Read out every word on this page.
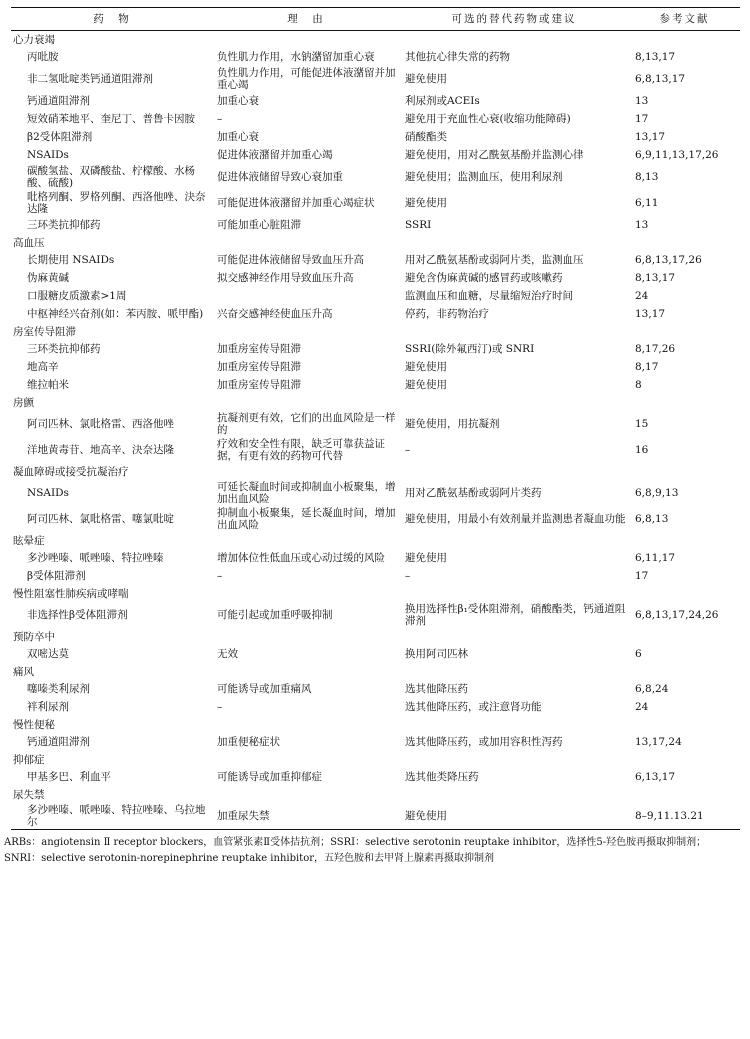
药　物	理　由	可选的替代药物或建议	参考文献
心力衰竭			
丙吡胺	负性肌力作用，水钠潴留加重心衰	其他抗心律失常的药物	8,13,17
非二氢吡啶类钙通道阻滞剂	负性肌力作用，可能促进体液潴留并加重心竭	避免使用	6,8,13,17
钙通道阻滞剂	加重心衰	利尿剂或ACEIs	13
短效硝苯地平、奎尼丁、普鲁卡因胺	–	避免用于充血性心衰(收缩功能障碍)	17
β2受体阻滞剂	加重心衰	硝酸酯类	13,17
NSAIDs	促进体液潴留并加重心竭	避免使用，用对乙酰氨基酚并监测心律	6,9,11,13,17,26
碳酸氢盐、双磷酸盐、柠檬酸、水杨酸、硫酸)	促进体液储留导致心衰加重	避免使用；监测血压，使用利尿剂	8,13
吡格列酮、罗格列酮、西洛他唑、決奈达隆	可能促进体液潴留并加重心竭症状	避免使用	6,11
三环类抗抑郁药	可能加重心脏阻滞	SSRI	13
高血压			
长期使用 NSAIDs	可能促进体液储留导致血压升高	用对乙酰氨基酚或弱阿片类，监测血压	6,8,13,17,26
伪麻黄碱	拟交感神经作用导致血压升高	避免含伪麻黄碱的感冒药或咳嗽药	8,13,17
口服糖皮质激素>1周		监测血压和血糖，尽量缩短治疗时间	24
中枢神经兴奋剂(如：苯丙胺、哌甲酯)	兴奋交感神经使血压升高	停药，非药物治疗	13,17
房室传导阻滞			
三环类抗抑郁药	加重房室传导阻滞	SSRI(除外氟西汀)或 SNRI	8,17,26
地高辛	加重房室传导阻滞	避免使用	8,17
维拉帕米	加重房室传导阻滞	避免使用	8
房颤			
阿司匹林、氯吡格雷、西洛他唑	抗凝剂更有效，它们的出血风险是一样的	避免使用，用抗凝剂	15
洋地黄毒苷、地高辛、決奈达隆	疗效和安全性有限，缺乏可靠获益证据，有更有效的药物可代替	–	16
凝血障碍或接受抗凝治疗			
NSAIDs	可延长凝血时间或抑制血小板聚集，增加出血风险	用对乙酰氨基酚或弱阿片类药	6,8,9,13
阿司匹林、氯吡格雷、噻氯吡啶	抑制血小板聚集，延长凝血时间，增加出血风险	避免使用，用最小有效剂量并监测患者凝血功能	6,8,13
眩晕症			
多沙唑嗪、哌唑嗪、特拉唑嗪	增加体位性低血压或心动过缓的风险	避免使用	6,11,17
β受体阻滞剂	–	–	17
慢性阻塞性肺疾病或哮喘			
非选择性β受体阻滞剂	可能引起或加重呼吸抑制	换用选择性β₁受体阻滞剂，硝酸酯类，钙通道阻滞剂	6,8,13,17,24,26
预防卒中			
双嘧达莫	无效	换用阿司匹林	6
痛风			
噻嗪类利尿剂	可能诱导或加重痛风	选其他降压药	6,8,24
袢利尿剂	–	选其他降压药，或注意肾功能	24
慢性便秘			
钙通道阻滞剂	加重便秘症状	选其他降压药，或加用容积性泻药	13,17,24
抑郁症			
甲基多巴、利血平	可能诱导或加重抑郁症	选其他类降压药	6,13,17
尿失禁			
多沙唑嗪、哌唑嗪、特拉唑嗪、乌拉地尔	加重尿失禁	避免使用	8–9,11.13.21
ARBs：angiotensin Ⅱ receptor blockers，血管紧张素Ⅱ受体拮抗剂；SSRI：selective serotonin reuptake inhibitor，选择性5-羟色胺再摄取抑制剂；
SNRI：selective serotonin-norepinephrine reuptake inhibitor，五羟色胺和去甲肾上腺素再摄取抑制剂
